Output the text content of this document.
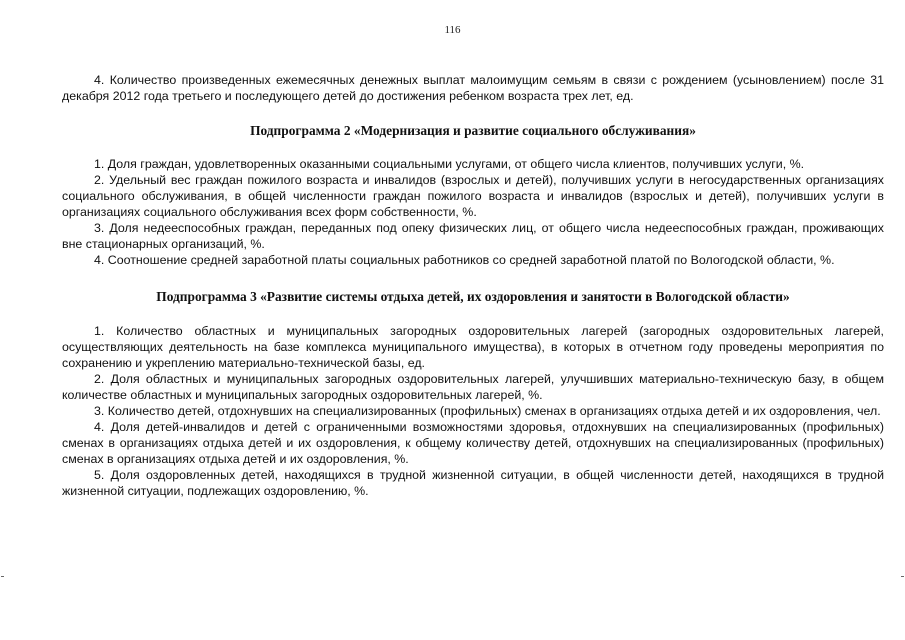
116

4. Количество произведенных ежемесячных денежных выплат малоимущим семьям в связи с рождением (усыновлением) после 31 декабря 2012 года третьего и последующего детей до достижения ребенком возраста трех лет, ед.

Подпрограмма 2 «Модернизация и развитие социального обслуживания»

1. Доля граждан, удовлетворенных оказанными социальными услугами, от общего числа клиентов, получивших услуги, %.

2. Удельный вес граждан пожилого возраста и инвалидов (взрослых и детей), получивших услуги в негосударственных организациях социального обслуживания, в общей численности граждан пожилого возраста и инвалидов (взрослых и детей), получивших услуги в организациях социального обслуживания всех форм собственности, %.

3. Доля недееспособных граждан, переданных под опеку физических лиц, от общего числа недееспособных граждан, проживающих вне стационарных организаций, %.

4. Соотношение средней заработной платы социальных работников со средней заработной платой по Вологодской области, %.

Подпрограмма 3 «Развитие системы отдыха детей, их оздоровления и занятости в Вологодской области»

1. Количество областных и муниципальных загородных оздоровительных лагерей (загородных оздоровительных лагерей, осуществляющих деятельность на базе комплекса муниципального имущества), в которых в отчетном году проведены мероприятия по сохранению и укреплению материально-технической базы, ед.

2. Доля областных и муниципальных загородных оздоровительных лагерей, улучшивших материально-техническую базу, в общем количестве областных и муниципальных загородных оздоровительных лагерей, %.

3. Количество детей, отдохнувших на специализированных (профильных) сменах в организациях отдыха детей и их оздоровления, чел.

4. Доля детей-инвалидов и детей с ограниченными возможностями здоровья, отдохнувших на специализированных (профильных) сменах в организациях отдыха детей и их оздоровления, к общему количеству детей, отдохнувших на специализированных (профильных) сменах в организациях отдыха детей и их оздоровления, %.

5. Доля оздоровленных детей, находящихся в трудной жизненной ситуации, в общей численности детей, находящихся в трудной жизненной ситуации, подлежащих оздоровлению, %.
